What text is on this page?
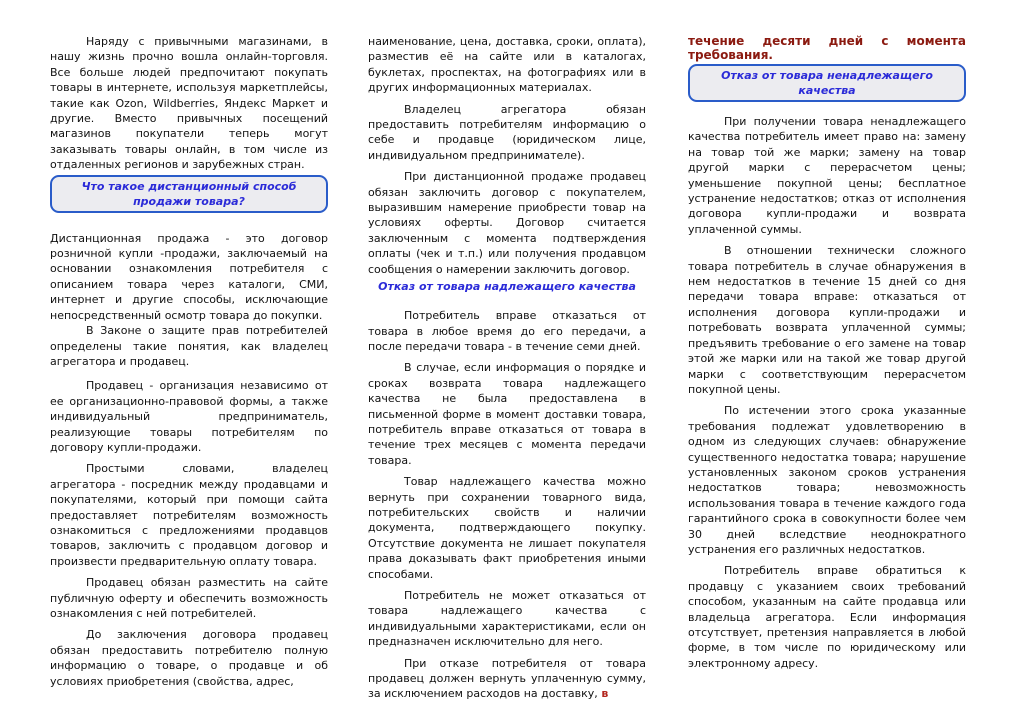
Наряду с привычными магазинами, в нашу жизнь прочно вошла онлайн-торговля. Все больше людей предпочитают покупать товары в интернете, используя маркетплейсы, такие как Ozon, Wildberries, Яндекс Маркет и другие. Вместо привычных посещений магазинов покупатели теперь могут заказывать товары онлайн, в том числе из отдаленных регионов и зарубежных стран.

Что такое дистанционный способ продажи товара?

Дистанционная продажа - это договор розничной купли -продажи, заключаемый на основании ознакомления потребителя с описанием товара через каталоги, СМИ, интернет и другие способы, исключающие непосредственный осмотр товара до покупки.

В Законе о защите прав потребителей определены такие понятия, как владелец агрегатора и продавец.

Продавец - организация независимо от ее организационно-правовой формы, а также индивидуальный предприниматель, реализующие товары потребителям по договору купли-продажи.

Простыми словами, владелец агрегатора - посредник между продавцами и покупателями, который при помощи сайта предоставляет потребителям возможность ознакомиться с предложениями продавцов товаров, заключить с продавцом договор и произвести предварительную оплату товара.

Продавец обязан разместить на сайте публичную оферту и обеспечить возможность ознакомления с ней потребителей.

До заключения договора продавец обязан предоставить потребителю полную информацию о товаре, о продавце и об условиях приобретения (свойства, адрес,

наименование, цена, доставка, сроки, оплата), разместив её на сайте или в каталогах, буклетах, проспектах, на фотографиях или в других информационных материалах.

Владелец агрегатора обязан предоставить потребителям информацию о себе и продавце (юридическом лице, индивидуальном предпринимателе).

При дистанционной продаже продавец обязан заключить договор с покупателем, выразившим намерение приобрести товар на условиях оферты. Договор считается заключенным с момента подтверждения оплаты (чек и т.п.) или получения продавцом сообщения о намерении заключить договор.

Отказ от товара надлежащего качества

Потребитель вправе отказаться от товара в любое время до его передачи, а после передачи товара - в течение семи дней.

В случае, если информация о порядке и сроках возврата товара надлежащего качества не была предоставлена в письменной форме в момент доставки товара, потребитель вправе отказаться от товара в течение трех месяцев с момента передачи товара.

Товар надлежащего качества можно вернуть при сохранении товарного вида, потребительских свойств и наличии документа, подтверждающего покупку. Отсутствие документа не лишает покупателя права доказывать факт приобретения иными способами.

Потребитель не может отказаться от товара надлежащего качества с индивидуальными характеристиками, если он предназначен исключительно для него.

При отказе потребителя от товара продавец должен вернуть уплаченную сумму, за исключением расходов на доставку, в

течение десяти дней с момента требования.
Отказ от товара ненадлежащего качества

При получении товара ненадлежащего качества потребитель имеет право на: замену на товар той же марки; замену на товар другой марки с перерасчетом цены; уменьшение покупной цены; бесплатное устранение недостатков; отказ от исполнения договора купли-продажи и возврата уплаченной суммы.

В отношении технически сложного товара потребитель в случае обнаружения в нем недостатков в течение 15 дней со дня передачи товара вправе: отказаться от исполнения договора купли-продажи и потребовать возврата уплаченной суммы; предъявить требование о его замене на товар этой же марки или на такой же товар другой марки с соответствующим перерасчетом покупной цены.

По истечении этого срока указанные требования подлежат удовлетворению в одном из следующих случаев: обнаружение существенного недостатка товара; нарушение установленных законом сроков устранения недостатков товара; невозможность использования товара в течение каждого года гарантийного срока в совокупности более чем 30 дней вследствие неоднократного устранения его различных недостатков.

Потребитель вправе обратиться к продавцу с указанием своих требований способом, указанным на сайте продавца или владельца агрегатора. Если информация отсутствует, претензия направляется в любой форме, в том числе по юридическому или электронному адресу.
